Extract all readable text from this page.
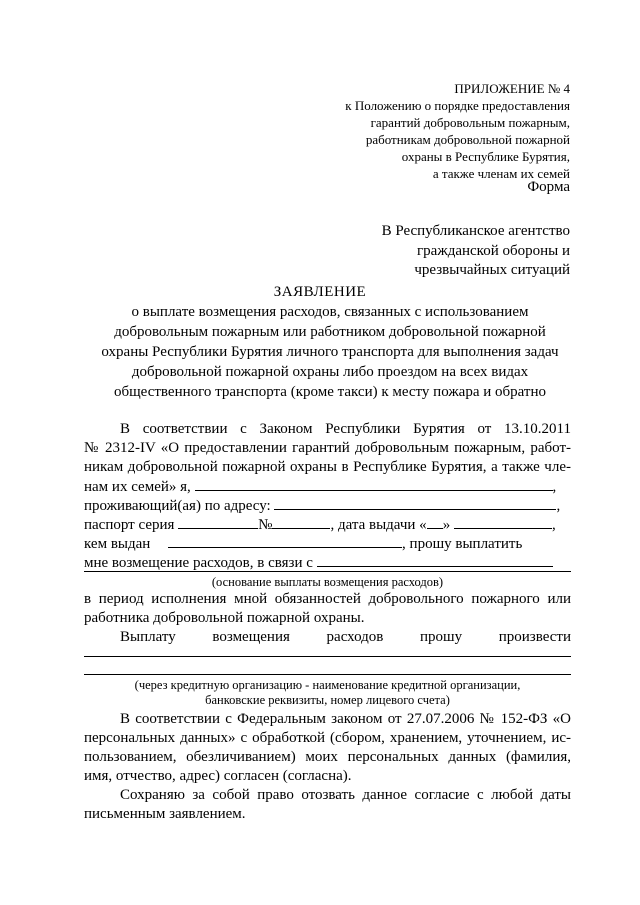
ПРИЛОЖЕНИЕ № 4
к Положению о порядке предоставления
гарантий добровольным пожарным,
работникам добровольной пожарной
охраны в Республике Бурятия,
а также членам их семей
Форма
В Республиканское агентство
гражданской обороны и
чрезвычайных ситуаций
ЗАЯВЛЕНИЕ
о выплате возмещения расходов, связанных с использованием
добровольным пожарным или работником добровольной пожарной
охраны Республики Бурятия личного транспорта для выполнения задач
добровольной пожарной охраны либо проездом на всех видах
общественного транспорта (кроме такси) к месту пожара и обратно
В соответствии с Законом Республики Бурятия от 13.10.2011
№ 2312-IV «О предоставлении гарантий добровольным пожарным, работ-
никам добровольной пожарной охраны в Республике Бурятия, а также чле-
нам их семей» я,	,
проживающий(ая) по адресу:	,
паспорт серия	№	, дата выдачи « »	,
кем выдан	, прошу выплатить
мне возмещение расходов, в связи с
(основание выплаты возмещения расходов)
в период исполнения мной обязанностей добровольного пожарного или
работника добровольной пожарной охраны.
Выплату возмещения расходов прошу произвести
(через кредитную организацию - наименование кредитной организации,
банковские реквизиты, номер лицевого счета)
В соответствии с Федеральным законом от 27.07.2006 № 152-ФЗ «О
персональных данных» с обработкой (сбором, хранением, уточнением, ис-
пользованием, обезличиванием) моих персональных данных (фамилия,
имя, отчество, адрес) согласен (согласна).
Сохраняю за собой право отозвать данное согласие с любой даты
письменным заявлением.
